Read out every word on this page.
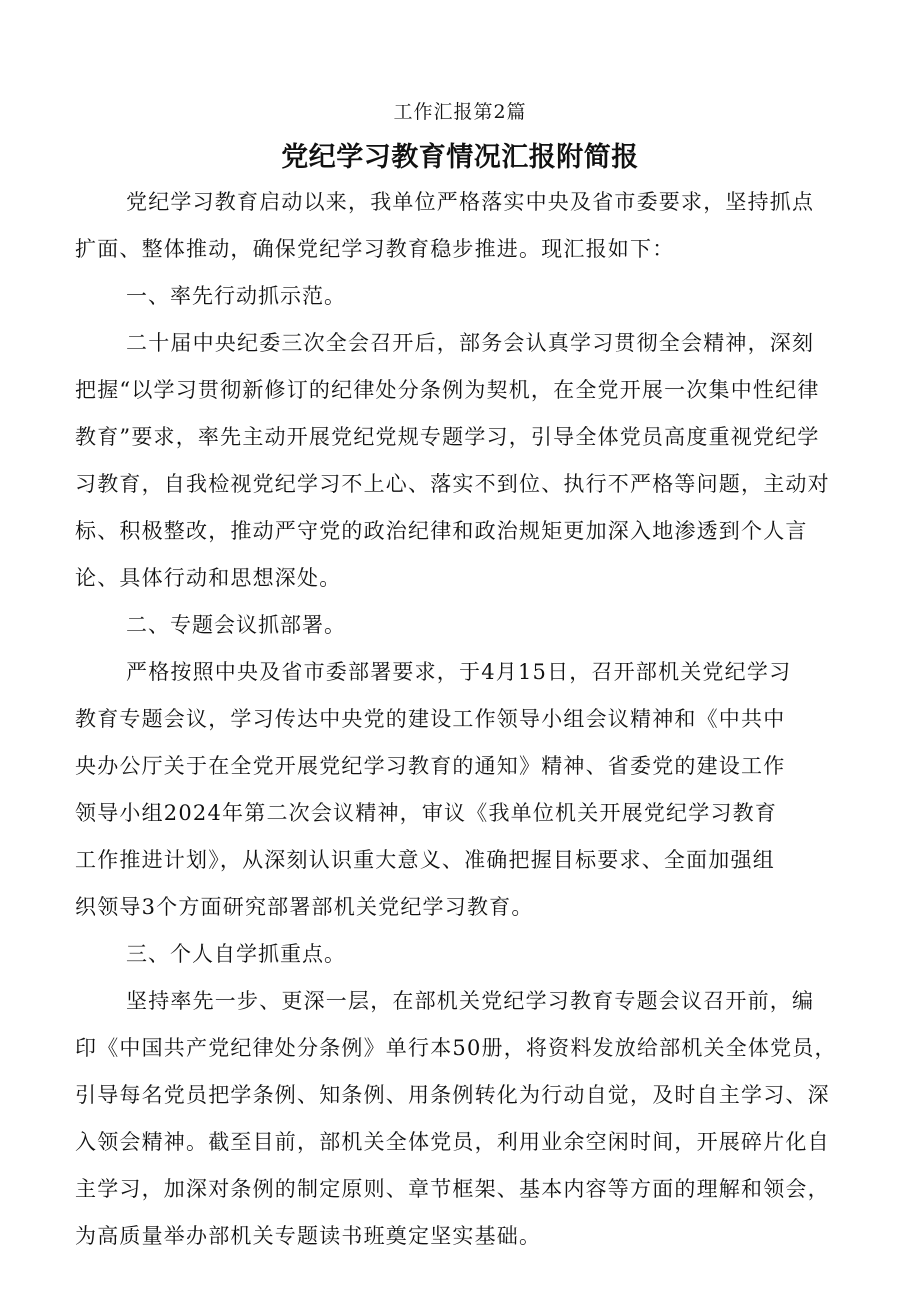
工作汇报第2篇
党纪学习教育情况汇报附简报
党纪学习教育启动以来，我单位严格落实中央及省市委要求，坚持抓点
扩面、整体推动，确保党纪学习教育稳步推进。现汇报如下：
一、率先行动抓示范。
二十届中央纪委三次全会召开后，部务会认真学习贯彻全会精神，深刻
把握“以学习贯彻新修订的纪律处分条例为契机，在全党开展一次集中性纪律
教育”要求，率先主动开展党纪党规专题学习，引导全体党员高度重视党纪学
习教育，自我检视党纪学习不上心、落实不到位、执行不严格等问题，主动对
标、积极整改，推动严守党的政治纪律和政治规矩更加深入地渗透到个人言
论、具体行动和思想深处。
二、专题会议抓部署。
严格按照中央及省市委部署要求，于4月15日，召开部机关党纪学习
教育专题会议，学习传达中央党的建设工作领导小组会议精神和《中共中
央办公厅关于在全党开展党纪学习教育的通知》精神、省委党的建设工作
领导小组2024年第二次会议精神，审议《我单位机关开展党纪学习教育
工作推进计划》，从深刻认识重大意义、准确把握目标要求、全面加强组
织领导3个方面研究部署部机关党纪学习教育。
三、个人自学抓重点。
坚持率先一步、更深一层，在部机关党纪学习教育专题会议召开前，编
印《中国共产党纪律处分条例》单行本50册，将资料发放给部机关全体党员，
引导每名党员把学条例、知条例、用条例转化为行动自觉，及时自主学习、深
入领会精神。截至目前，部机关全体党员，利用业余空闲时间，开展碎片化自
主学习，加深对条例的制定原则、章节框架、基本内容等方面的理解和领会，
为高质量举办部机关专题读书班奠定坚实基础。
